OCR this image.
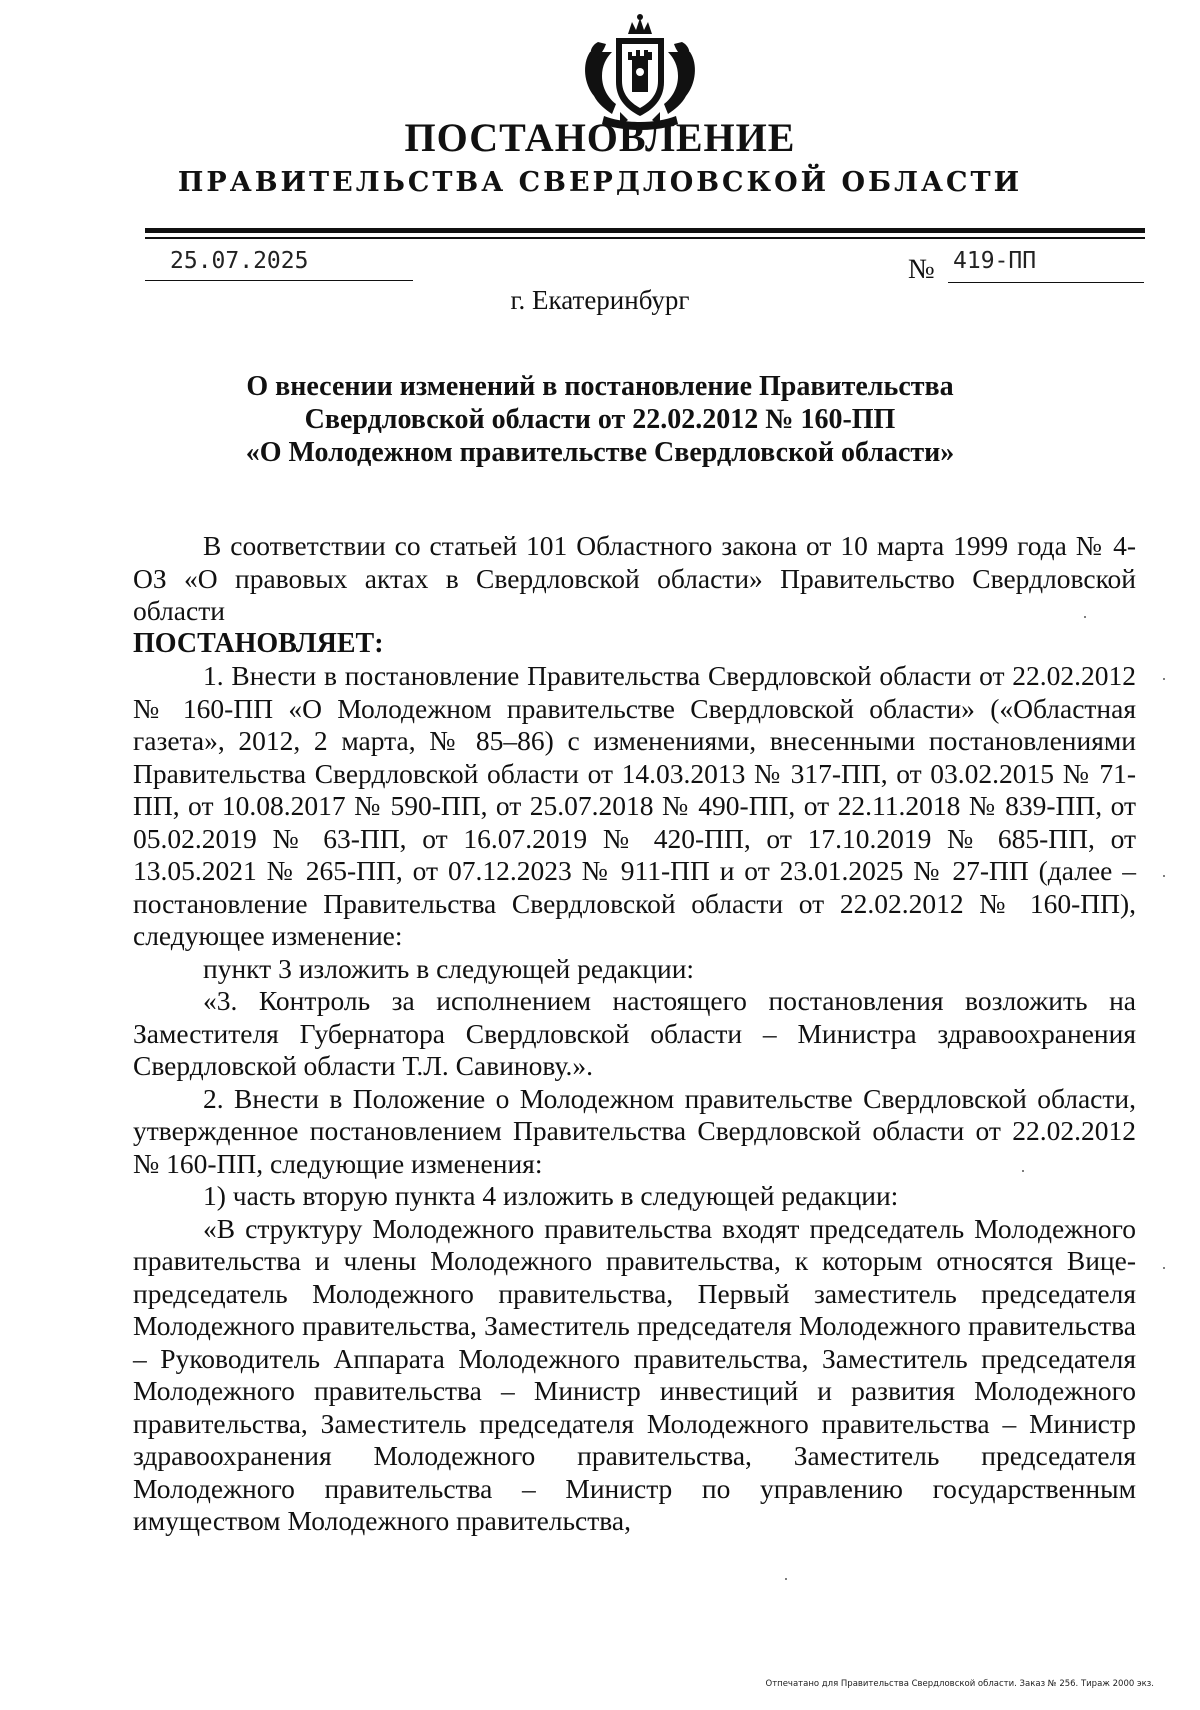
ПОСТАНОВЛЕНИЕ
ПРАВИТЕЛЬСТВА СВЕРДЛОВСКОЙ ОБЛАСТИ
25.07.2025	№ 419-ПП
г. Екатеринбург
О внесении изменений в постановление Правительства
Свердловской области от 22.02.2012 № 160-ПП
«О Молодежном правительстве Свердловской области»

В соответствии со статьей 101 Областного закона от 10 марта 1999 года № 4-ОЗ «О правовых актах в Свердловской области» Правительство Свердловской области

ПОСТАНОВЛЯЕТ:

1. Внести в постановление Правительства Свердловской области от 22.02.2012 № 160-ПП «О Молодежном правительстве Свердловской области» («Областная газета», 2012, 2 марта, № 85–86) с изменениями, внесенными постановлениями Правительства Свердловской области от 14.03.2013 № 317-ПП, от 03.02.2015 № 71-ПП, от 10.08.2017 № 590-ПП, от 25.07.2018 № 490-ПП, от 22.11.2018 № 839-ПП, от 05.02.2019 № 63-ПП, от 16.07.2019 № 420-ПП, от 17.10.2019 № 685-ПП, от 13.05.2021 № 265-ПП, от 07.12.2023 № 911-ПП и от 23.01.2025 № 27-ПП (далее – постановление Правительства Свердловской области от 22.02.2012 № 160-ПП), следующее изменение:

пункт 3 изложить в следующей редакции:

«3. Контроль за исполнением настоящего постановления возложить на Заместителя Губернатора Свердловской области – Министра здравоохранения Свердловской области Т.Л. Савинову.».

2. Внести в Положение о Молодежном правительстве Свердловской области, утвержденное постановлением Правительства Свердловской области от 22.02.2012 № 160-ПП, следующие изменения:

1) часть вторую пункта 4 изложить в следующей редакции:

«В структуру Молодежного правительства входят председатель Молодежного правительства и члены Молодежного правительства, к которым относятся Вице-председатель Молодежного правительства, Первый заместитель председателя Молодежного правительства, Заместитель председателя Молодежного правительства – Руководитель Аппарата Молодежного правительства, Заместитель председателя Молодежного правительства – Министр инвестиций и развития Молодежного правительства, Заместитель председателя Молодежного правительства – Министр здравоохранения Молодежного правительства, Заместитель председателя Молодежного правительства – Министр по управлению государственным имуществом Молодежного правительства,

Отпечатано для Правительства Свердловской области. Заказ № 256. Тираж 2000 экз.
